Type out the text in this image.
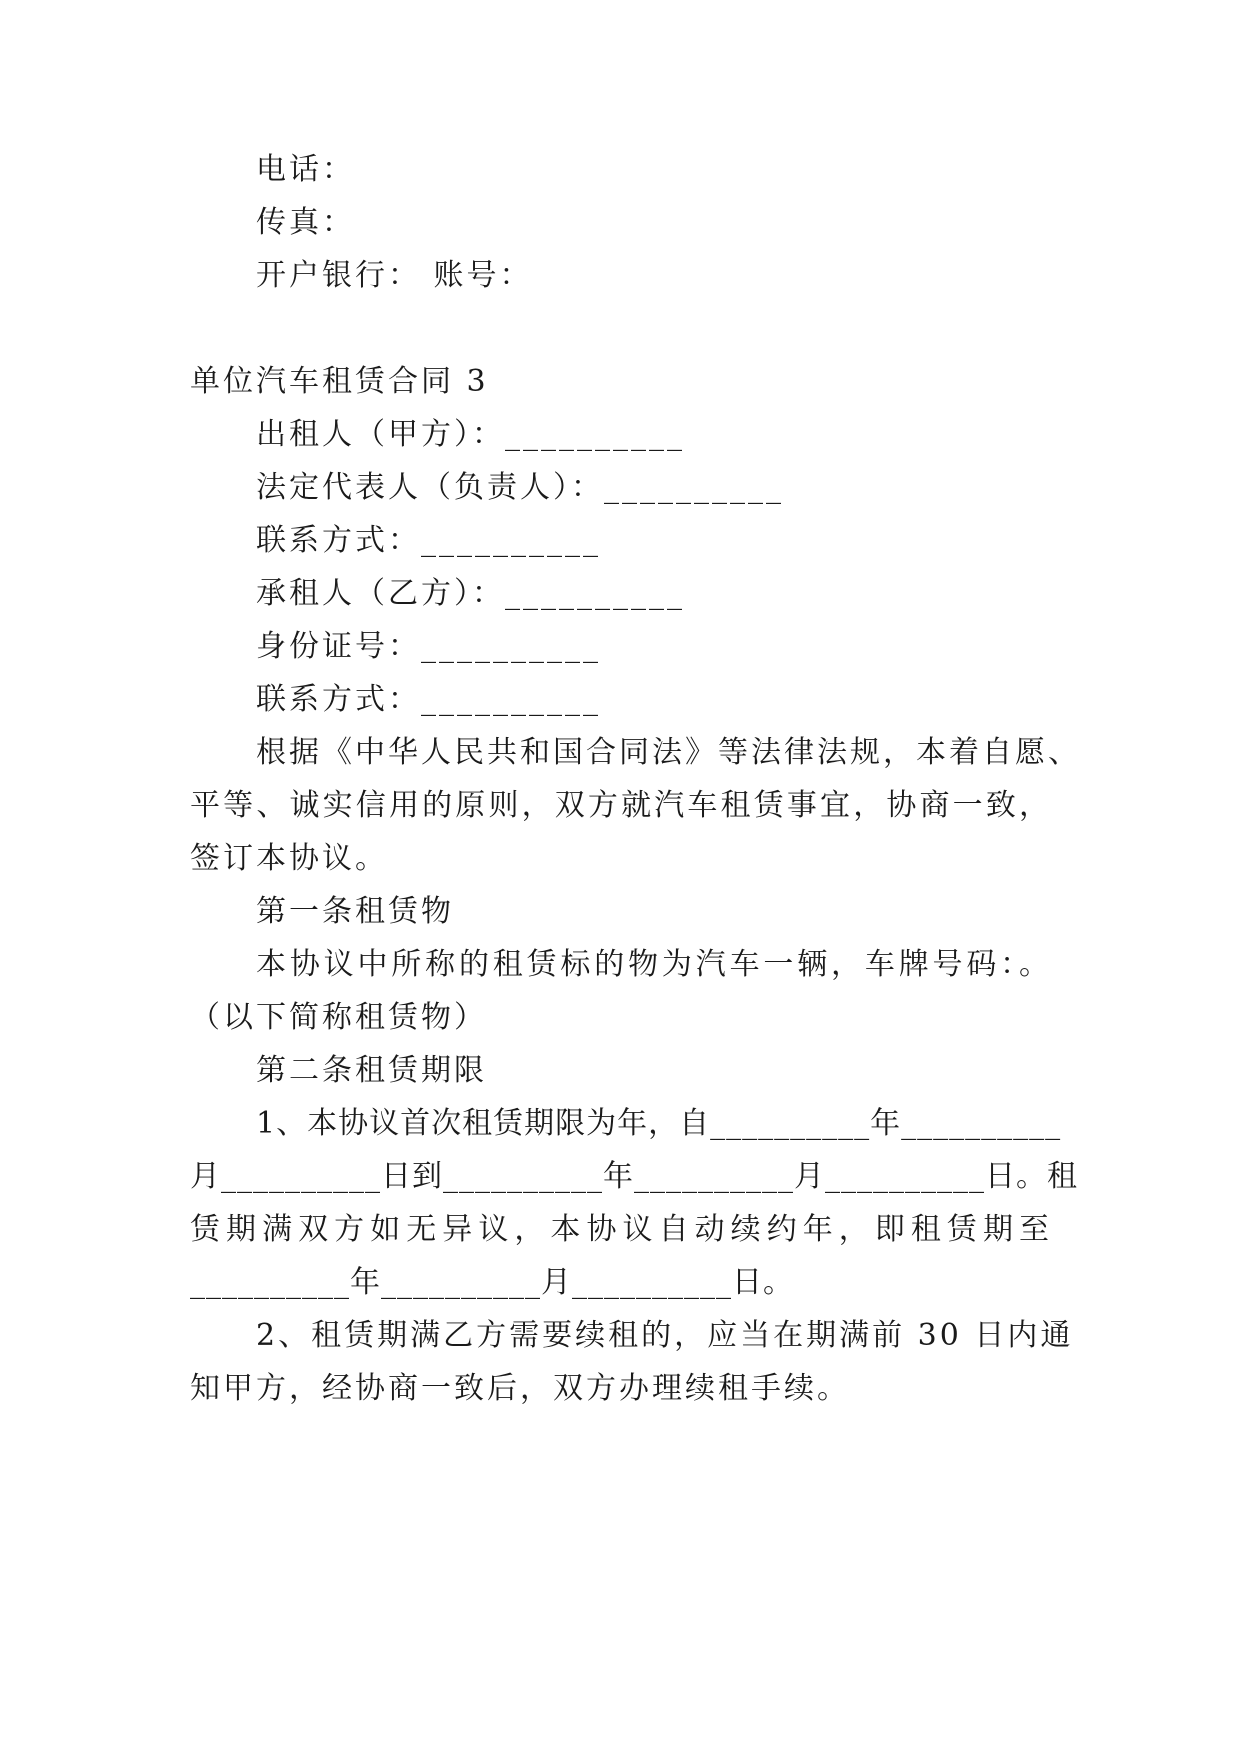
电话：
传真：
开户银行： 账号：
单位汽车租赁合同 3
出租人（甲方）：__________
法定代表人（负责人）：__________
联系方式：__________
承租人（乙方）：__________
身份证号：__________
联系方式：__________
根据《中华人民共和国合同法》等法律法规，本着自愿、
平等、诚实信用的原则，双方就汽车租赁事宜，协商一致，
签订本协议。
第一条租赁物
本协议中所称的租赁标的物为汽车一辆，车牌号码：。
（以下简称租赁物）
第二条租赁期限
1、本协议首次租赁期限为年，自__________年__________
月__________日到__________年__________月__________日。租
赁期满双方如无异议，本协议自动续约年，即租赁期至
__________年__________月__________日。
2、租赁期满乙方需要续租的，应当在期满前 30 日内通
知甲方，经协商一致后，双方办理续租手续。
